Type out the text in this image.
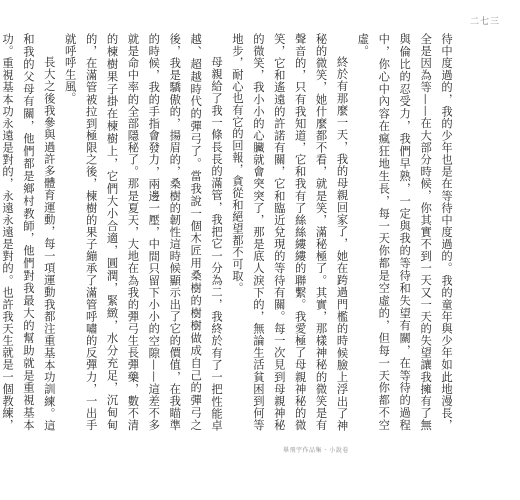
二七三

待中度過的，我的少年也是在等待中度過的。我的童年與少年如此地漫長，全是因為等——在大部分時候，你其實不到一天又一天的失望讓我擁有了無與倫比的忍受力，我們早熟，一定與我的等待和失望有關，在等待的過程中，你心中內容在瘋狂地生長，每一天你都是空虛的，但每一天你都不空虛。

終於有那麼一天，我的母親回家了，她在跨過門檻的時候臉上浮出了神秘的微笑，她什麼都不看，就是笑，滿秘極了。其實，那樣神秘的微笑是有聲音的，只有我知道，它和我有了絲絲縷縷的聯繫。我愛極了母親神秘的微笑，它和遙遠的許諾有關，它和臨近兌現的等待有關。每一次見到母親神秘的微笑，我小小的心臟就會突突了，那是底人淚下的，無論生活貧困到何等地步，耐心也有它的回報，貪從和絕望都不可取。

母親給了我一條長長的滿管，我把它一分為二，我終於有了一把性能卓越、超越時代的彈弓了。當我說一個木匠用桑樹的樹樹做成自己的彈弓之後，我是驕傲的，揚眉的，桑樹的韌性這時候顯示出了它的價值，在我瞄準的時候，我的手指會發力，兩邊一壓，中間只留下小小的空隙——這差不多就是命中率的全部隱秘了。那是夏天，大地在為我的彈弓生長彈藥，數不清的楝樹果子掛在楝樹上，它們大小合適，圓潤，緊緻，水分充足，沉甸甸的，在滿管被拉到極限之後，楝樹的果子繃承了滿管呼嘯的反彈力，一出手就呼呼生風。

長大之後我參與過許多體育運動，每一項運動我都注重基本功訓練。這和我的父母有關，他們都是鄉村教師，他們對我最大的幫助就是重視基本功。重視基本功永遠是對的，永遠永遠是對的。也許我天生就是一個教練，

畢飛宇作品集 · 小說卷
